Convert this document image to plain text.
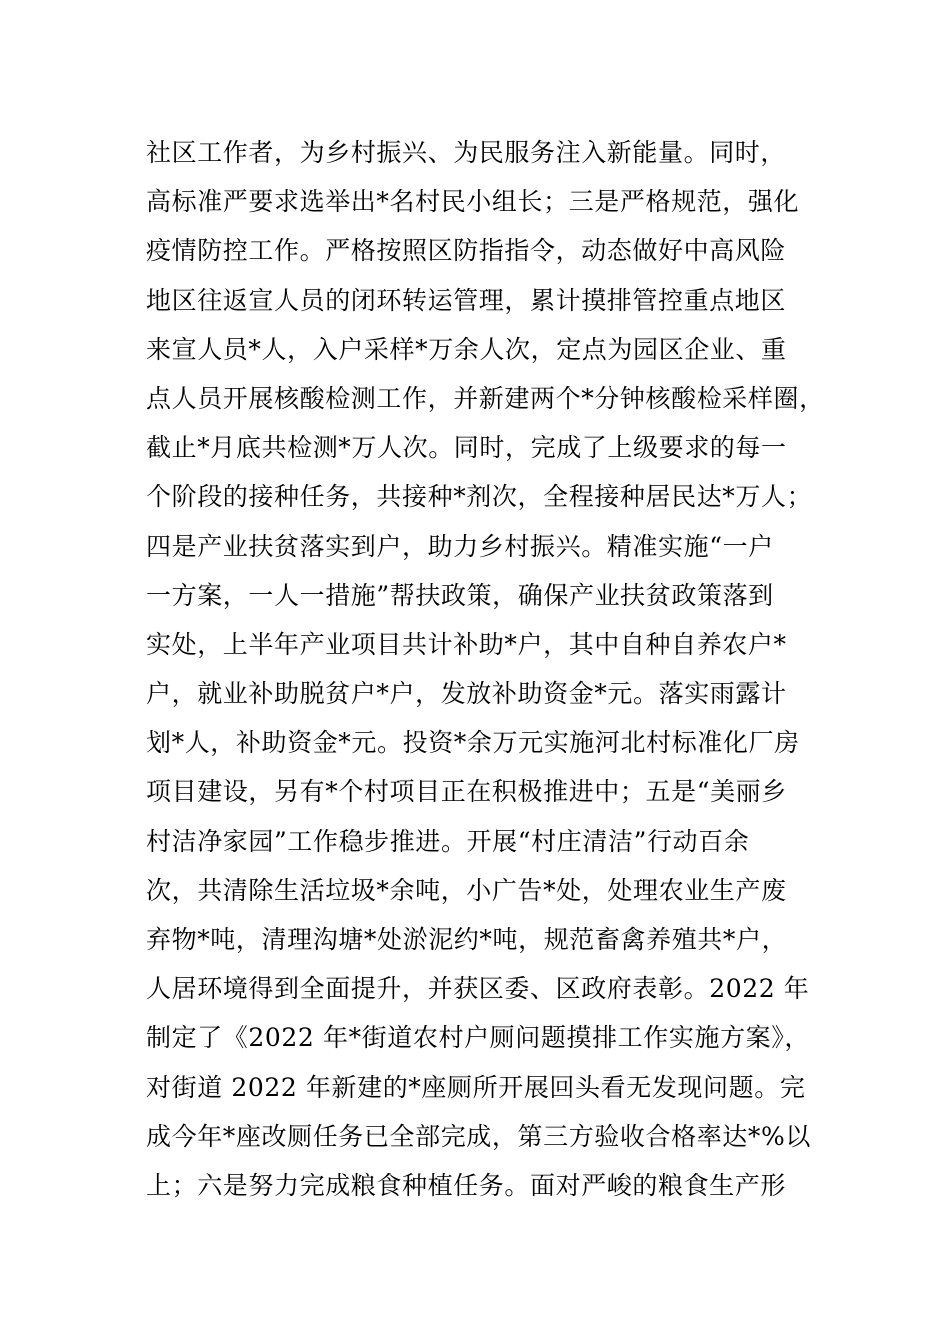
社区工作者，为乡村振兴、为民服务注入新能量。同时，
高标准严要求选举出*名村民小组长；三是严格规范，强化
疫情防控工作。严格按照区防指指令，动态做好中高风险
地区往返宣人员的闭环转运管理，累计摸排管控重点地区
来宣人员*人，入户采样*万余人次，定点为园区企业、重
点人员开展核酸检测工作，并新建两个*分钟核酸检采样圈，
截止*月底共检测*万人次。同时，完成了上级要求的每一
个阶段的接种任务，共接种*剂次，全程接种居民达*万人；
四是产业扶贫落实到户，助力乡村振兴。精准实施“一户
一方案，一人一措施”帮扶政策，确保产业扶贫政策落到
实处，上半年产业项目共计补助*户，其中自种自养农户*
户，就业补助脱贫户*户，发放补助资金*元。落实雨露计
划*人，补助资金*元。投资*余万元实施河北村标准化厂房
项目建设，另有*个村项目正在积极推进中；五是“美丽乡
村洁净家园”工作稳步推进。开展“村庄清洁”行动百余
次，共清除生活垃圾*余吨，小广告*处，处理农业生产废
弃物*吨，清理沟塘*处淤泥约*吨，规范畜禽养殖共*户，
人居环境得到全面提升，并获区委、区政府表彰。2022 年
制定了《2022 年*街道农村户厕问题摸排工作实施方案》，
对街道 2022 年新建的*座厕所开展回头看无发现问题。完
成今年*座改厕任务已全部完成，第三方验收合格率达*%以
上；六是努力完成粮食种植任务。面对严峻的粮食生产形
